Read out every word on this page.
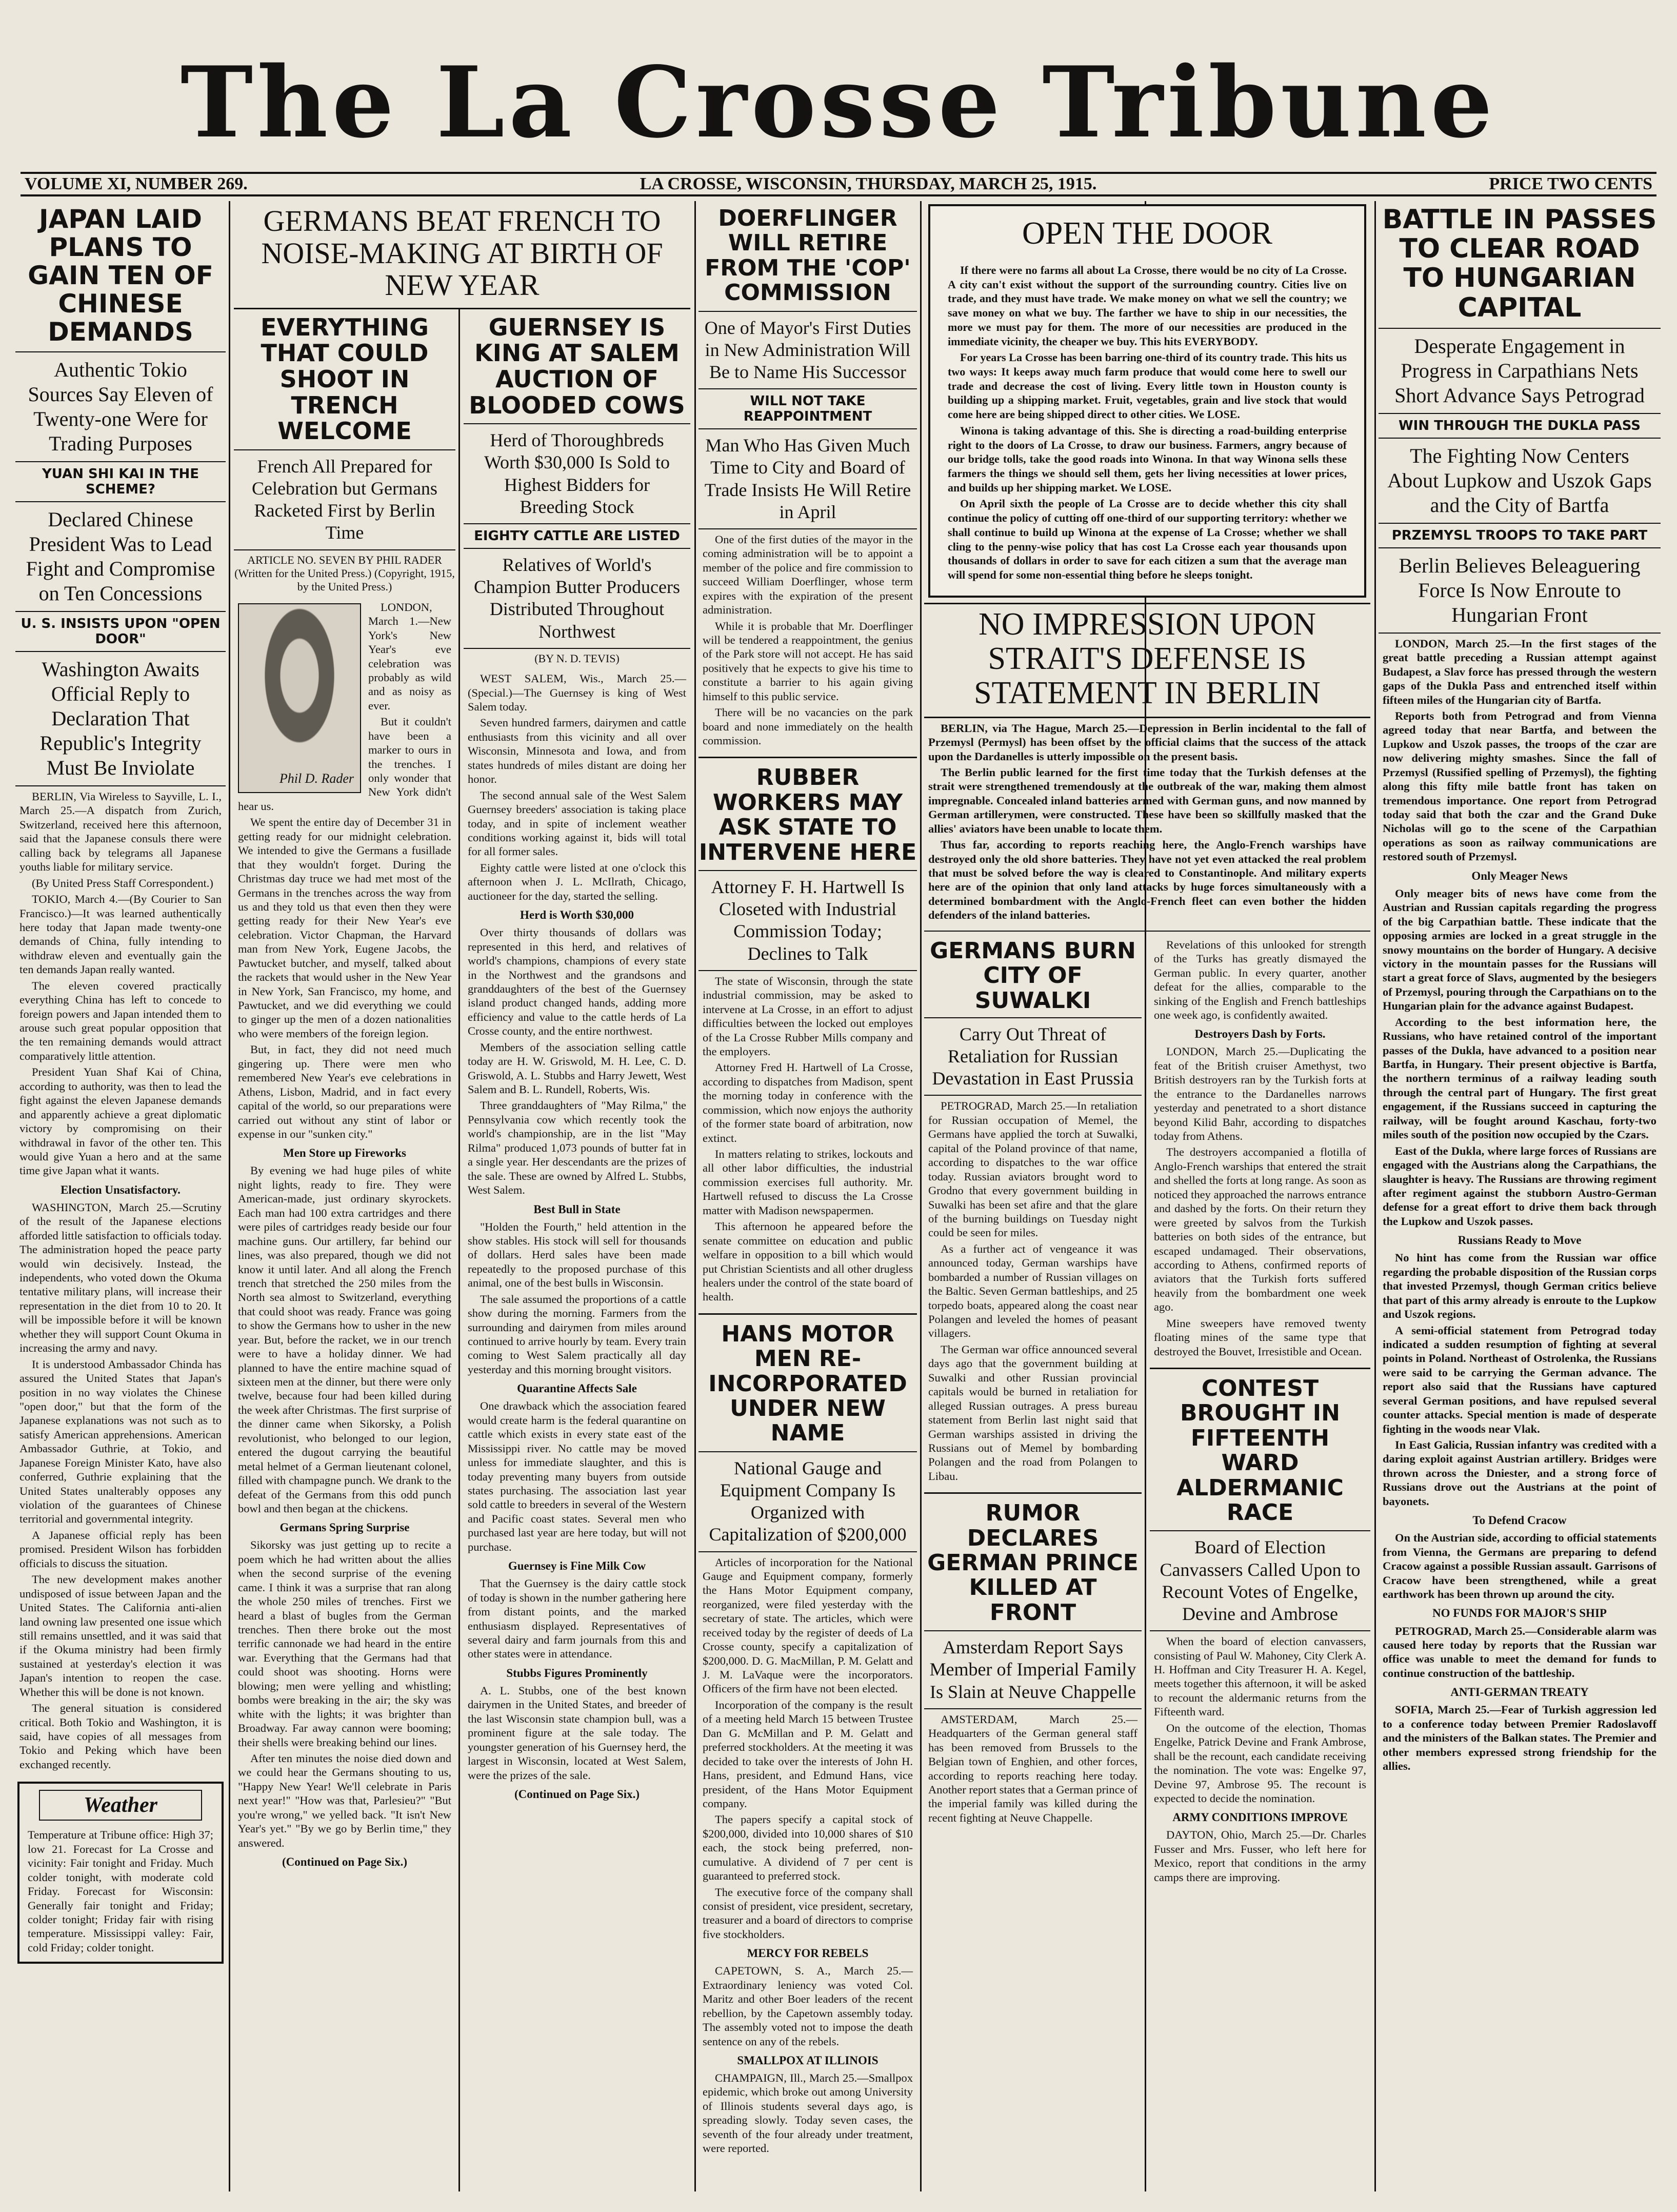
The La Crosse Tribune
VOLUME XI, NUMBER 269.	LA CROSSE, WISCONSIN, THURSDAY, MARCH 25, 1915.	PRICE TWO CENTS
JAPAN LAID PLANS TO GAIN TEN OF CHINESE DEMANDS
Authentic Tokio Sources Say Eleven of Twenty-one Were for Trading Purposes
YUAN SHI KAI IN THE SCHEME?
Declared Chinese President Was to Lead Fight and Compromise on Ten Concessions
U. S. INSISTS UPON "OPEN DOOR"
Washington Awaits Official Reply to Declaration That Republic's Integrity Must Be Inviolate

BERLIN, Via Wireless to Sayville, L. I., March 25.—A dispatch from Zurich, Switzerland, received here this afternoon, said that the Japanese consuls there were calling back by telegrams all Japanese youths liable for military service.

(By United Press Staff Correspondent.)

TOKIO, March 4.—(By Courier to San Francisco.)—It was learned authentically here today that Japan made twenty-one demands of China, fully intending to withdraw eleven and eventually gain the ten demands Japan really wanted.

The eleven covered practically everything China has left to concede to foreign powers and Japan intended them to arouse such great popular opposition that the ten remaining demands would attract comparatively little attention.

President Yuan Shaf Kai of China, according to authority, was then to lead the fight against the eleven Japanese demands and apparently achieve a great diplomatic victory by compromising on their withdrawal in favor of the other ten. This would give Yuan a hero and at the same time give Japan what it wants.

Election Unsatisfactory.

WASHINGTON, March 25.—Scrutiny of the result of the Japanese elections afforded little satisfaction to officials today. The administration hoped the peace party would win decisively. Instead, the independents, who voted down the Okuma tentative military plans, will increase their representation in the diet from 10 to 20. It will be impossible before it will be known whether they will support Count Okuma in increasing the army and navy.

It is understood Ambassador Chinda has assured the United States that Japan's position in no way violates the Chinese "open door," but that the form of the Japanese explanations was not such as to satisfy American apprehensions. American Ambassador Guthrie, at Tokio, and Japanese Foreign Minister Kato, have also conferred, Guthrie explaining that the United States unalterably opposes any violation of the guarantees of Chinese territorial and governmental integrity.

A Japanese official reply has been promised. President Wilson has forbidden officials to discuss the situation.

The new development makes another undisposed of issue between Japan and the United States. The California anti-alien land owning law presented one issue which still remains unsettled, and it was said that if the Okuma ministry had been firmly sustained at yesterday's election it was Japan's intention to reopen the case. Whether this will be done is not known.

The general situation is considered critical. Both Tokio and Washington, it is said, have copies of all messages from Tokio and Peking which have been exchanged recently.

Weather
Temperature at Tribune office: High 37; low 21. Forecast for La Crosse and vicinity: Fair tonight and Friday. Much colder tonight, with moderate cold Friday. Forecast for Wisconsin: Generally fair tonight and Friday; colder tonight; Friday fair with rising temperature. Mississippi valley: Fair, cold Friday; colder tonight.
GERMANS BEAT FRENCH TO NOISE-MAKING AT BIRTH OF NEW YEAR
EVERYTHING THAT COULD SHOOT IN TRENCH WELCOME
French All Prepared for Celebration but Germans Racketed First by Berlin Time
ARTICLE NO. SEVEN BY PHIL RADER (Written for the United Press.) (Copyright, 1915, by the United Press.)
Phil D. Rader

LONDON, March 1.—New York's New Year's eve celebration was probably as wild and as noisy as ever.

But it couldn't have been a marker to ours in the trenches. I only wonder that New York didn't hear us.

We spent the entire day of December 31 in getting ready for our midnight celebration. We intended to give the Germans a fusillade that they wouldn't forget. During the Christmas day truce we had met most of the Germans in the trenches across the way from us and they told us that even then they were getting ready for their New Year's eve celebration. Victor Chapman, the Harvard man from New York, Eugene Jacobs, the Pawtucket butcher, and myself, talked about the rackets that would usher in the New Year in New York, San Francisco, my home, and Pawtucket, and we did everything we could to ginger up the men of a dozen nationalities who were members of the foreign legion.

But, in fact, they did not need much gingering up. There were men who remembered New Year's eve celebrations in Athens, Lisbon, Madrid, and in fact every capital of the world, so our preparations were carried out without any stint of labor or expense in our "sunken city."

Men Store up Fireworks

By evening we had huge piles of white night lights, ready to fire. They were American-made, just ordinary skyrockets. Each man had 100 extra cartridges and there were piles of cartridges ready beside our four machine guns. Our artillery, far behind our lines, was also prepared, though we did not know it until later. And all along the French trench that stretched the 250 miles from the North sea almost to Switzerland, everything that could shoot was ready. France was going to show the Germans how to usher in the new year. But, before the racket, we in our trench were to have a holiday dinner. We had planned to have the entire machine squad of sixteen men at the dinner, but there were only twelve, because four had been killed during the week after Christmas. The first surprise of the dinner came when Sikorsky, a Polish revolutionist, who belonged to our legion, entered the dugout carrying the beautiful metal helmet of a German lieutenant colonel, filled with champagne punch. We drank to the defeat of the Germans from this odd punch bowl and then began at the chickens.

Germans Spring Surprise

Sikorsky was just getting up to recite a poem which he had written about the allies when the second surprise of the evening came. I think it was a surprise that ran along the whole 250 miles of trenches. First we heard a blast of bugles from the German trenches. Then there broke out the most terrific cannonade we had heard in the entire war. Everything that the Germans had that could shoot was shooting. Horns were blowing; men were yelling and whistling; bombs were breaking in the air; the sky was white with the lights; it was brighter than Broadway. Far away cannon were booming; their shells were breaking behind our lines.

After ten minutes the noise died down and we could hear the Germans shouting to us, "Happy New Year! We'll celebrate in Paris next year!" "How was that, Parlesieu?" "But you're wrong," we yelled back. "It isn't New Year's yet." "By we go by Berlin time," they answered.

(Continued on Page Six.)
GUERNSEY IS KING AT SALEM AUCTION OF BLOODED COWS
Herd of Thoroughbreds Worth $30,000 Is Sold to Highest Bidders for Breeding Stock
EIGHTY CATTLE ARE LISTED
Relatives of World's Champion Butter Producers Distributed Throughout Northwest
(BY N. D. TEVIS)

WEST SALEM, Wis., March 25.—(Special.)—The Guernsey is king of West Salem today.

Seven hundred farmers, dairymen and cattle enthusiasts from this vicinity and all over Wisconsin, Minnesota and Iowa, and from states hundreds of miles distant are doing her honor.

The second annual sale of the West Salem Guernsey breeders' association is taking place today, and in spite of inclement weather conditions working against it, bids will total for all former sales.

Eighty cattle were listed at one o'clock this afternoon when J. L. McIlrath, Chicago, auctioneer for the day, started the selling.

Herd is Worth $30,000

Over thirty thousands of dollars was represented in this herd, and relatives of world's champions, champions of every state in the Northwest and the grandsons and granddaughters of the best of the Guernsey island product changed hands, adding more efficiency and value to the cattle herds of La Crosse county, and the entire northwest.

Members of the association selling cattle today are H. W. Griswold, M. H. Lee, C. D. Griswold, A. L. Stubbs and Harry Jewett, West Salem and B. L. Rundell, Roberts, Wis.

Three granddaughters of "May Rilma," the Pennsylvania cow which recently took the world's championship, are in the list "May Rilma" produced 1,073 pounds of butter fat in a single year. Her descendants are the prizes of the sale. These are owned by Alfred L. Stubbs, West Salem.

Best Bull in State

"Holden the Fourth," held attention in the show stables. His stock will sell for thousands of dollars. Herd sales have been made repeatedly to the proposed purchase of this animal, one of the best bulls in Wisconsin.

The sale assumed the proportions of a cattle show during the morning. Farmers from the surrounding and dairymen from miles around continued to arrive hourly by team. Every train coming to West Salem practically all day yesterday and this morning brought visitors.

Quarantine Affects Sale

One drawback which the association feared would create harm is the federal quarantine on cattle which exists in every state east of the Mississippi river. No cattle may be moved unless for immediate slaughter, and this is today preventing many buyers from outside states purchasing. The association last year sold cattle to breeders in several of the Western and Pacific coast states. Several men who purchased last year are here today, but will not purchase.

Guernsey is Fine Milk Cow

That the Guernsey is the dairy cattle stock of today is shown in the number gathering here from distant points, and the marked enthusiasm displayed. Representatives of several dairy and farm journals from this and other states were in attendance.

Stubbs Figures Prominently

A. L. Stubbs, one of the best known dairymen in the United States, and breeder of the last Wisconsin state champion bull, was a prominent figure at the sale today. The youngster generation of his Guernsey herd, the largest in Wisconsin, located at West Salem, were the prizes of the sale.

(Continued on Page Six.)
DOERFLINGER WILL RETIRE FROM THE 'COP' COMMISSION
One of Mayor's First Duties in New Administration Will Be to Name His Successor
WILL NOT TAKE REAPPOINTMENT
Man Who Has Given Much Time to City and Board of Trade Insists He Will Retire in April

One of the first duties of the mayor in the coming administration will be to appoint a member of the police and fire commission to succeed William Doerflinger, whose term expires with the expiration of the present administration.

While it is probable that Mr. Doerflinger will be tendered a reappointment, the genius of the Park store will not accept. He has said positively that he expects to give his time to constitute a barrier to his again giving himself to this public service.

There will be no vacancies on the park board and none immediately on the health commission.

RUBBER WORKERS MAY ASK STATE TO INTERVENE HERE
Attorney F. H. Hartwell Is Closeted with Industrial Commission Today; Declines to Talk

The state of Wisconsin, through the state industrial commission, may be asked to intervene at La Crosse, in an effort to adjust difficulties between the locked out employes of the La Crosse Rubber Mills company and the employers.

Attorney Fred H. Hartwell of La Crosse, according to dispatches from Madison, spent the morning today in conference with the commission, which now enjoys the authority of the former state board of arbitration, now extinct.

In matters relating to strikes, lockouts and all other labor difficulties, the industrial commission exercises full authority. Mr. Hartwell refused to discuss the La Crosse matter with Madison newspapermen.

This afternoon he appeared before the senate committee on education and public welfare in opposition to a bill which would put Christian Scientists and all other drugless healers under the control of the state board of health.

HANS MOTOR MEN RE-INCORPORATED UNDER NEW NAME
National Gauge and Equipment Company Is Organized with Capitalization of $200,000

Articles of incorporation for the National Gauge and Equipment company, formerly the Hans Motor Equipment company, reorganized, were filed yesterday with the secretary of state. The articles, which were received today by the register of deeds of La Crosse county, specify a capitalization of $200,000. D. G. MacMillan, P. M. Gelatt and J. M. LaVaque were the incorporators. Officers of the firm have not been elected.

Incorporation of the company is the result of a meeting held March 15 between Trustee Dan G. McMillan and P. M. Gelatt and preferred stockholders. At the meeting it was decided to take over the interests of John H. Hans, president, and Edmund Hans, vice president, of the Hans Motor Equipment company.

The papers specify a capital stock of $200,000, divided into 10,000 shares of $10 each, the stock being preferred, non-cumulative. A dividend of 7 per cent is guaranteed to preferred stock.

The executive force of the company shall consist of president, vice president, secretary, treasurer and a board of directors to comprise five stockholders.

MERCY FOR REBELS

CAPETOWN, S. A., March 25.—Extraordinary leniency was voted Col. Maritz and other Boer leaders of the recent rebellion, by the Capetown assembly today. The assembly voted not to impose the death sentence on any of the rebels.

SMALLPOX AT ILLINOIS

CHAMPAIGN, Ill., March 25.—Smallpox epidemic, which broke out among University of Illinois students several days ago, is spreading slowly. Today seven cases, the seventh of the four already under treatment, were reported.

OPEN THE DOOR

If there were no farms all about La Crosse, there would be no city of La Crosse. A city can't exist without the support of the surrounding country. Cities live on trade, and they must have trade. We make money on what we sell the country; we save money on what we buy. The farther we have to ship in our necessities, the more we must pay for them. The more of our necessities are produced in the immediate vicinity, the cheaper we buy. This hits EVERYBODY.

For years La Crosse has been barring one-third of its country trade. This hits us two ways: It keeps away much farm produce that would come here to swell our trade and decrease the cost of living. Every little town in Houston county is building up a shipping market. Fruit, vegetables, grain and live stock that would come here are being shipped direct to other cities. We LOSE.

Winona is taking advantage of this. She is directing a road-building enterprise right to the doors of La Crosse, to draw our business. Farmers, angry because of our bridge tolls, take the good roads into Winona. In that way Winona sells these farmers the things we should sell them, gets her living necessities at lower prices, and builds up her shipping market. We LOSE.

On April sixth the people of La Crosse are to decide whether this city shall continue the policy of cutting off one-third of our supporting territory: whether we shall continue to build up Winona at the expense of La Crosse; whether we shall cling to the penny-wise policy that has cost La Crosse each year thousands upon thousands of dollars in order to save for each citizen a sum that the average man will spend for some non-essential thing before he sleeps tonight.

NO IMPRESSION UPON STRAIT'S DEFENSE IS STATEMENT IN BERLIN

BERLIN, via The Hague, March 25.—Depression in Berlin incidental to the fall of Przemysl (Permysl) has been offset by the official claims that the success of the attack upon the Dardanelles is utterly impossible on the present basis.

The Berlin public learned for the first time today that the Turkish defenses at the strait were strengthened tremendously at the outbreak of the war, making them almost impregnable. Concealed inland batteries armed with German guns, and now manned by German artillerymen, were constructed. These have been so skillfully masked that the allies' aviators have been unable to locate them.

Thus far, according to reports reaching here, the Anglo-French warships have destroyed only the old shore batteries. They have not yet even attacked the real problem that must be solved before the way is cleared to Constantinople. And military experts here are of the opinion that only land attacks by huge forces simultaneously with a determined bombardment with the Anglo-French fleet can even bother the hidden defenders of the inland batteries.

GERMANS BURN CITY OF SUWALKI
Carry Out Threat of Retaliation for Russian Devastation in East Prussia

PETROGRAD, March 25.—In retaliation for Russian occupation of Memel, the Germans have applied the torch at Suwalki, capital of the Poland province of that name, according to dispatches to the war office today. Russian aviators brought word to Grodno that every government building in Suwalki has been set afire and that the glare of the burning buildings on Tuesday night could be seen for miles.

As a further act of vengeance it was announced today, German warships have bombarded a number of Russian villages on the Baltic. Seven German battleships, and 25 torpedo boats, appeared along the coast near Polangen and leveled the homes of peasant villagers.

The German war office announced several days ago that the government building at Suwalki and other Russian provincial capitals would be burned in retaliation for alleged Russian outrages. A press bureau statement from Berlin last night said that German warships assisted in driving the Russians out of Memel by bombarding Polangen and the road from Polangen to Libau.

RUMOR DECLARES GERMAN PRINCE KILLED AT FRONT
Amsterdam Report Says Member of Imperial Family Is Slain at Neuve Chappelle

AMSTERDAM, March 25.—Headquarters of the German general staff has been removed from Brussels to the Belgian town of Enghien, and other forces, according to reports reaching here today. Another report states that a German prince of the imperial family was killed during the recent fighting at Neuve Chappelle.

Revelations of this unlooked for strength of the Turks has greatly dismayed the German public. In every quarter, another defeat for the allies, comparable to the sinking of the English and French battleships one week ago, is confidently awaited.

Destroyers Dash by Forts.

LONDON, March 25.—Duplicating the feat of the British cruiser Amethyst, two British destroyers ran by the Turkish forts at the entrance to the Dardanelles narrows yesterday and penetrated to a short distance beyond Kilid Bahr, according to dispatches today from Athens.

The destroyers accompanied a flotilla of Anglo-French warships that entered the strait and shelled the forts at long range. As soon as noticed they approached the narrows entrance and dashed by the forts. On their return they were greeted by salvos from the Turkish batteries on both sides of the entrance, but escaped undamaged. Their observations, according to Athens, confirmed reports of aviators that the Turkish forts suffered heavily from the bombardment one week ago.

Mine sweepers have removed twenty floating mines of the same type that destroyed the Bouvet, Irresistible and Ocean.

CONTEST BROUGHT IN FIFTEENTH WARD ALDERMANIC RACE
Board of Election Canvassers Called Upon to Recount Votes of Engelke, Devine and Ambrose

When the board of election canvassers, consisting of Paul W. Mahoney, City Clerk A. H. Hoffman and City Treasurer H. A. Kegel, meets together this afternoon, it will be asked to recount the aldermanic returns from the Fifteenth ward.

On the outcome of the election, Thomas Engelke, Patrick Devine and Frank Ambrose, shall be the recount, each candidate receiving the nomination. The vote was: Engelke 97, Devine 97, Ambrose 95. The recount is expected to decide the nomination.

ARMY CONDITIONS IMPROVE

DAYTON, Ohio, March 25.—Dr. Charles Fusser and Mrs. Fusser, who left here for Mexico, report that conditions in the army camps there are improving.

BATTLE IN PASSES TO CLEAR ROAD TO HUNGARIAN CAPITAL
Desperate Engagement in Progress in Carpathians Nets Short Advance Says Petrograd
WIN THROUGH THE DUKLA PASS
The Fighting Now Centers About Lupkow and Uszok Gaps and the City of Bartfa
PRZEMYSL TROOPS TO TAKE PART
Berlin Believes Beleaguering Force Is Now Enroute to Hungarian Front

LONDON, March 25.—In the first stages of the great battle preceding a Russian attempt against Budapest, a Slav force has pressed through the western gaps of the Dukla Pass and entrenched itself within fifteen miles of the Hungarian city of Bartfa.

Reports both from Petrograd and from Vienna agreed today that near Bartfa, and between the Lupkow and Uszok passes, the troops of the czar are now delivering mighty smashes. Since the fall of Przemysl (Russified spelling of Przemysl), the fighting along this fifty mile battle front has taken on tremendous importance. One report from Petrograd today said that both the czar and the Grand Duke Nicholas will go to the scene of the Carpathian operations as soon as railway communications are restored south of Przemysl.

Only Meager News

Only meager bits of news have come from the Austrian and Russian capitals regarding the progress of the big Carpathian battle. These indicate that the opposing armies are locked in a great struggle in the snowy mountains on the border of Hungary. A decisive victory in the mountain passes for the Russians will start a great force of Slavs, augmented by the besiegers of Przemysl, pouring through the Carpathians on to the Hungarian plain for the advance against Budapest.

According to the best information here, the Russians, who have retained control of the important passes of the Dukla, have advanced to a position near Bartfa, in Hungary. Their present objective is Bartfa, the northern terminus of a railway leading south through the central part of Hungary. The first great engagement, if the Russians succeed in capturing the railway, will be fought around Kaschau, forty-two miles south of the position now occupied by the Czars.

East of the Dukla, where large forces of Russians are engaged with the Austrians along the Carpathians, the slaughter is heavy. The Russians are throwing regiment after regiment against the stubborn Austro-German defense for a great effort to drive them back through the Lupkow and Uszok passes.

Russians Ready to Move

No hint has come from the Russian war office regarding the probable disposition of the Russian corps that invested Przemysl, though German critics believe that part of this army already is enroute to the Lupkow and Uszok regions.

A semi-official statement from Petrograd today indicated a sudden resumption of fighting at several points in Poland. Northeast of Ostrolenka, the Russians were said to be carrying the German advance. The report also said that the Russians have captured several German positions, and have repulsed several counter attacks. Special mention is made of desperate fighting in the woods near Vlak.

In East Galicia, Russian infantry was credited with a daring exploit against Austrian artillery. Bridges were thrown across the Dniester, and a strong force of Russians drove out the Austrians at the point of bayonets.

To Defend Cracow

On the Austrian side, according to official statements from Vienna, the Germans are preparing to defend Cracow against a possible Russian assault. Garrisons of Cracow have been strengthened, while a great earthwork has been thrown up around the city.

NO FUNDS FOR MAJOR'S SHIP

PETROGRAD, March 25.—Considerable alarm was caused here today by reports that the Russian war office was unable to meet the demand for funds to continue construction of the battleship.

ANTI-GERMAN TREATY

SOFIA, March 25.—Fear of Turkish aggression led to a conference today between Premier Radoslavoff and the ministers of the Balkan states. The Premier and other members expressed strong friendship for the allies.
